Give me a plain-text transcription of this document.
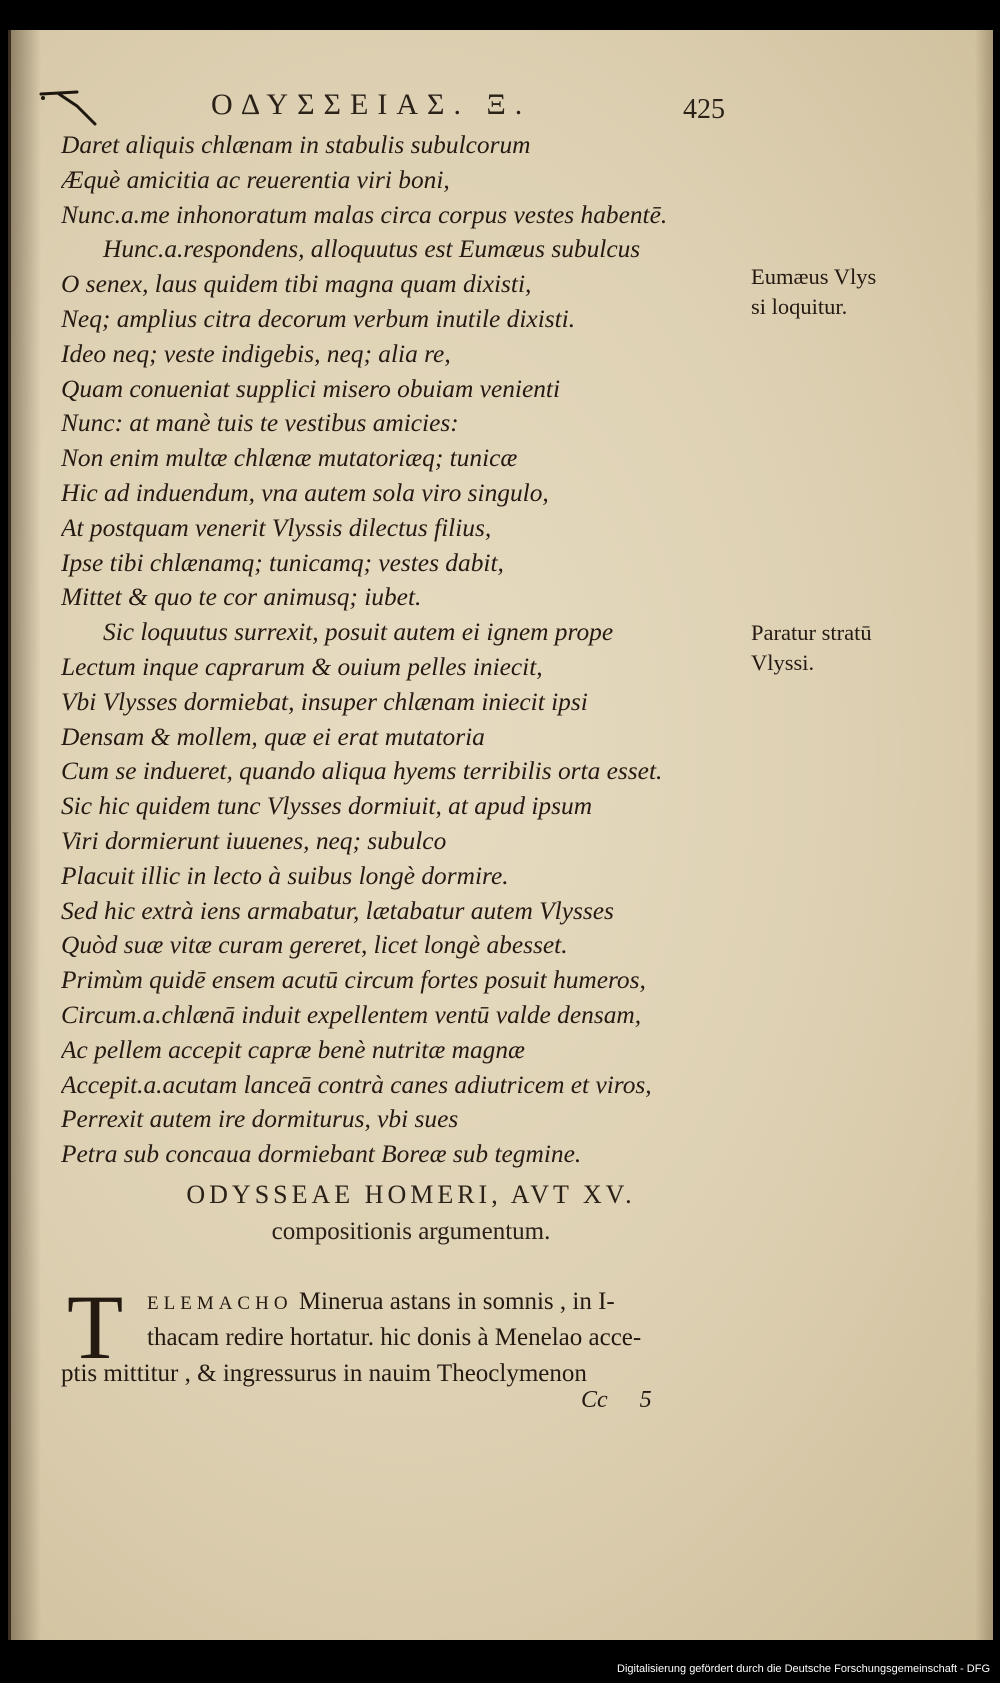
ΟΔΥΣΣΕΙΑΣ. Ξ.	425
Daret aliquis chlænam in stabulis subulcorum
Æquè amicitia ac reuerentia viri boni,
Nunc.a.me inhonoratum malas circa corpus vestes habentē.
Hunc.a.respondens, alloquutus est Eumæus subulcus
O senex, laus quidem tibi magna quam dixisti,
Neq; amplius citra decorum verbum inutile dixisti.
Ideo neq; veste indigebis, neq; alia re,
Quam conueniat supplici misero obuiam venienti
Nunc: at manè tuis te vestibus amicies:
Non enim multæ chlænæ mutatoriæq; tunicæ
Hic ad induendum, vna autem sola viro singulo,
At postquam venerit Vlyssis dilectus filius,
Ipse tibi chlænamq; tunicamq; vestes dabit,
Mittet & quo te cor animusq; iubet.
Sic loquutus surrexit, posuit autem ei ignem prope
Lectum inque caprarum & ouium pelles iniecit,
Vbi Vlysses dormiebat, insuper chlænam iniecit ipsi
Densam & mollem, quæ ei erat mutatoria
Cum se indueret, quando aliqua hyems terribilis orta esset.
Sic hic quidem tunc Vlysses dormiuit, at apud ipsum
Viri dormierunt iuuenes, neq; subulco
Placuit illic in lecto à suibus longè dormire.
Sed hic extrà iens armabatur, lætabatur autem Vlysses
Quòd suæ vitæ curam gereret, licet longè abesset.
Primùm quidē ensem acutū circum fortes posuit humeros,
Circum.a.chlænā induit expellentem ventū valde densam,
Ac pellem accepit capræ benè nutritæ magnæ
Accepit.a.acutam lanceā contrà canes adiutricem et viros,
Perrexit autem ire dormiturus, vbi sues
Petra sub concaua dormiebant Boreæ sub tegmine.
Eumæus Vlys
si loquitur.
Paratur stratū
Vlyssi.
ODYSSEAE HOMERI, AVT XV.
compositionis argumentum.
T	ELEMACHO Minerua astans in somnis , in I-
thacam redire hortatur. hic donis à Menelao acce-
ptis mittitur , & ingressurus in nauim Theoclymenon
Cc 5
Digitalisierung gefördert durch die Deutsche Forschungsgemeinschaft - DFG
